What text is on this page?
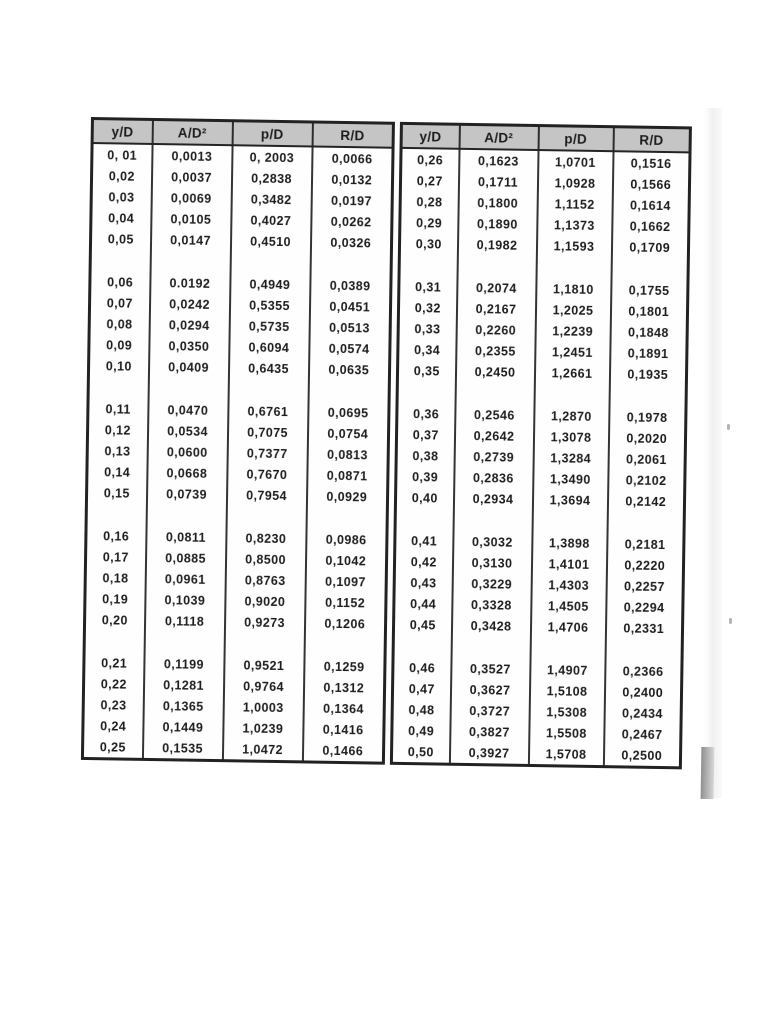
y/D	A/D²	p/D	R/D
0, 01	0,0013	0, 2003	0,0066
0,02	0,0037	0,2838	0,0132
0,03	0,0069	0,3482	0,0197
0,04	0,0105	0,4027	0,0262
0,05	0,0147	0,4510	0,0326

0,06	0.0192	0,4949	0,0389
0,07	0,0242	0,5355	0,0451
0,08	0,0294	0,5735	0,0513
0,09	0,0350	0,6094	0,0574
0,10	0,0409	0,6435	0,0635

0,11	0,0470	0,6761	0,0695
0,12	0,0534	0,7075	0,0754
0,13	0,0600	0,7377	0,0813
0,14	0,0668	0,7670	0,0871
0,15	0,0739	0,7954	0,0929

0,16	0,0811	0,8230	0,0986
0,17	0,0885	0,8500	0,1042
0,18	0,0961	0,8763	0,1097
0,19	0,1039	0,9020	0,1152
0,20	0,1118	0,9273	0,1206

0,21	0,1199	0,9521	0,1259
0,22	0,1281	0,9764	0,1312
0,23	0,1365	1,0003	0,1364
0,24	0,1449	1,0239	0,1416
0,25	0,1535	1,0472	0,1466
y/D	A/D²	p/D	R/D
0,26	0,1623	1,0701	0,1516
0,27	0,1711	1,0928	0,1566
0,28	0,1800	1,1152	0,1614
0,29	0,1890	1,1373	0,1662
0,30	0,1982	1,1593	0,1709

0,31	0,2074	1,1810	0,1755
0,32	0,2167	1,2025	0,1801
0,33	0,2260	1,2239	0,1848
0,34	0,2355	1,2451	0,1891
0,35	0,2450	1,2661	0,1935

0,36	0,2546	1,2870	0,1978
0,37	0,2642	1,3078	0,2020
0,38	0,2739	1,3284	0,2061
0,39	0,2836	1,3490	0,2102
0,40	0,2934	1,3694	0,2142

0,41	0,3032	1,3898	0,2181
0,42	0,3130	1,4101	0,2220
0,43	0,3229	1,4303	0,2257
0,44	0,3328	1,4505	0,2294
0,45	0,3428	1,4706	0,2331

0,46	0,3527	1,4907	0,2366
0,47	0,3627	1,5108	0,2400
0,48	0,3727	1,5308	0,2434
0,49	0,3827	1,5508	0,2467
0,50	0,3927	1,5708	0,2500
